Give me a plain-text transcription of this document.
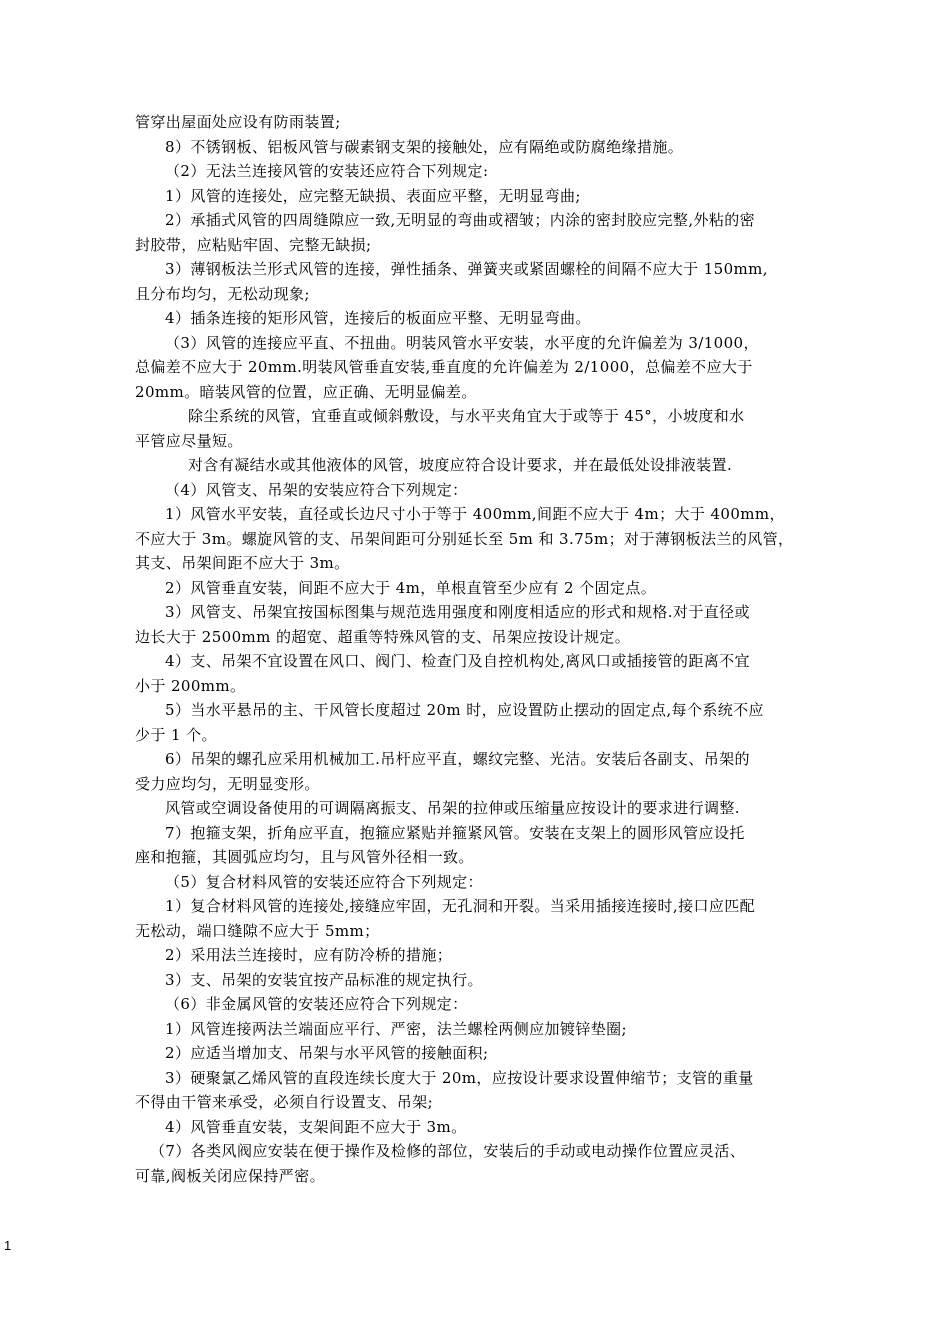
管穿出屋面处应设有防雨装置;
8）不锈钢板、铝板风管与碳素钢支架的接触处，应有隔绝或防腐绝缘措施。
（2）无法兰连接风管的安装还应符合下列规定:
1）风管的连接处，应完整无缺损、表面应平整，无明显弯曲;
2）承插式风管的四周缝隙应一致,无明显的弯曲或褶皱；内涂的密封胶应完整,外粘的密
封胶带，应粘贴牢固、完整无缺损;
3）薄钢板法兰形式风管的连接，弹性插条、弹簧夹或紧固螺栓的间隔不应大于 150mm,
且分布均匀，无松动现象;
4）插条连接的矩形风管，连接后的板面应平整、无明显弯曲。
（3）风管的连接应平直、不扭曲。明装风管水平安装，水平度的允许偏差为 3/1000，
总偏差不应大于 20mm.明装风管垂直安装,垂直度的允许偏差为 2/1000，总偏差不应大于
20mm。暗装风管的位置，应正确、无明显偏差。
除尘系统的风管，宜垂直或倾斜敷设，与水平夹角宜大于或等于 45°，小坡度和水
平管应尽量短。
对含有凝结水或其他液体的风管，坡度应符合设计要求，并在最低处设排液装置.
（4）风管支、吊架的安装应符合下列规定：
1）风管水平安装，直径或长边尺寸小于等于 400mm,间距不应大于 4m；大于 400mm，
不应大于 3m。螺旋风管的支、吊架间距可分别延长至 5m 和 3.75m；对于薄钢板法兰的风管，
其支、吊架间距不应大于 3m。
2）风管垂直安装，间距不应大于 4m，单根直管至少应有 2 个固定点。
3）风管支、吊架宜按国标图集与规范选用强度和刚度相适应的形式和规格.对于直径或
边长大于 2500mm 的超宽、超重等特殊风管的支、吊架应按设计规定。
4）支、吊架不宜设置在风口、阀门、检查门及自控机构处,离风口或插接管的距离不宜
小于 200mm。
5）当水平悬吊的主、干风管长度超过 20m 时，应设置防止摆动的固定点,每个系统不应
少于 1 个。
6）吊架的螺孔应采用机械加工.吊杆应平直，螺纹完整、光洁。安装后各副支、吊架的
受力应均匀，无明显变形。
风管或空调设备使用的可调隔离振支、吊架的拉伸或压缩量应按设计的要求进行调整.
7）抱箍支架，折角应平直，抱箍应紧贴并箍紧风管。安装在支架上的圆形风管应设托
座和抱箍，其圆弧应均匀，且与风管外径相一致。
（5）复合材料风管的安装还应符合下列规定：
1）复合材料风管的连接处,接缝应牢固，无孔洞和开裂。当采用插接连接时,接口应匹配
无松动，端口缝隙不应大于 5mm；
2）采用法兰连接时，应有防冷桥的措施；
3）支、吊架的安装宜按产品标准的规定执行。
（6）非金属风管的安装还应符合下列规定：
1）风管连接两法兰端面应平行、严密，法兰螺栓两侧应加镀锌垫圈;
2）应适当增加支、吊架与水平风管的接触面积;
3）硬聚氯乙烯风管的直段连续长度大于 20m，应按设计要求设置伸缩节；支管的重量
不得由干管来承受，必须自行设置支、吊架;
4）风管垂直安装，支架间距不应大于 3m。
（7）各类风阀应安装在便于操作及检修的部位，安装后的手动或电动操作位置应灵活、
可靠,阀板关闭应保持严密。
1
